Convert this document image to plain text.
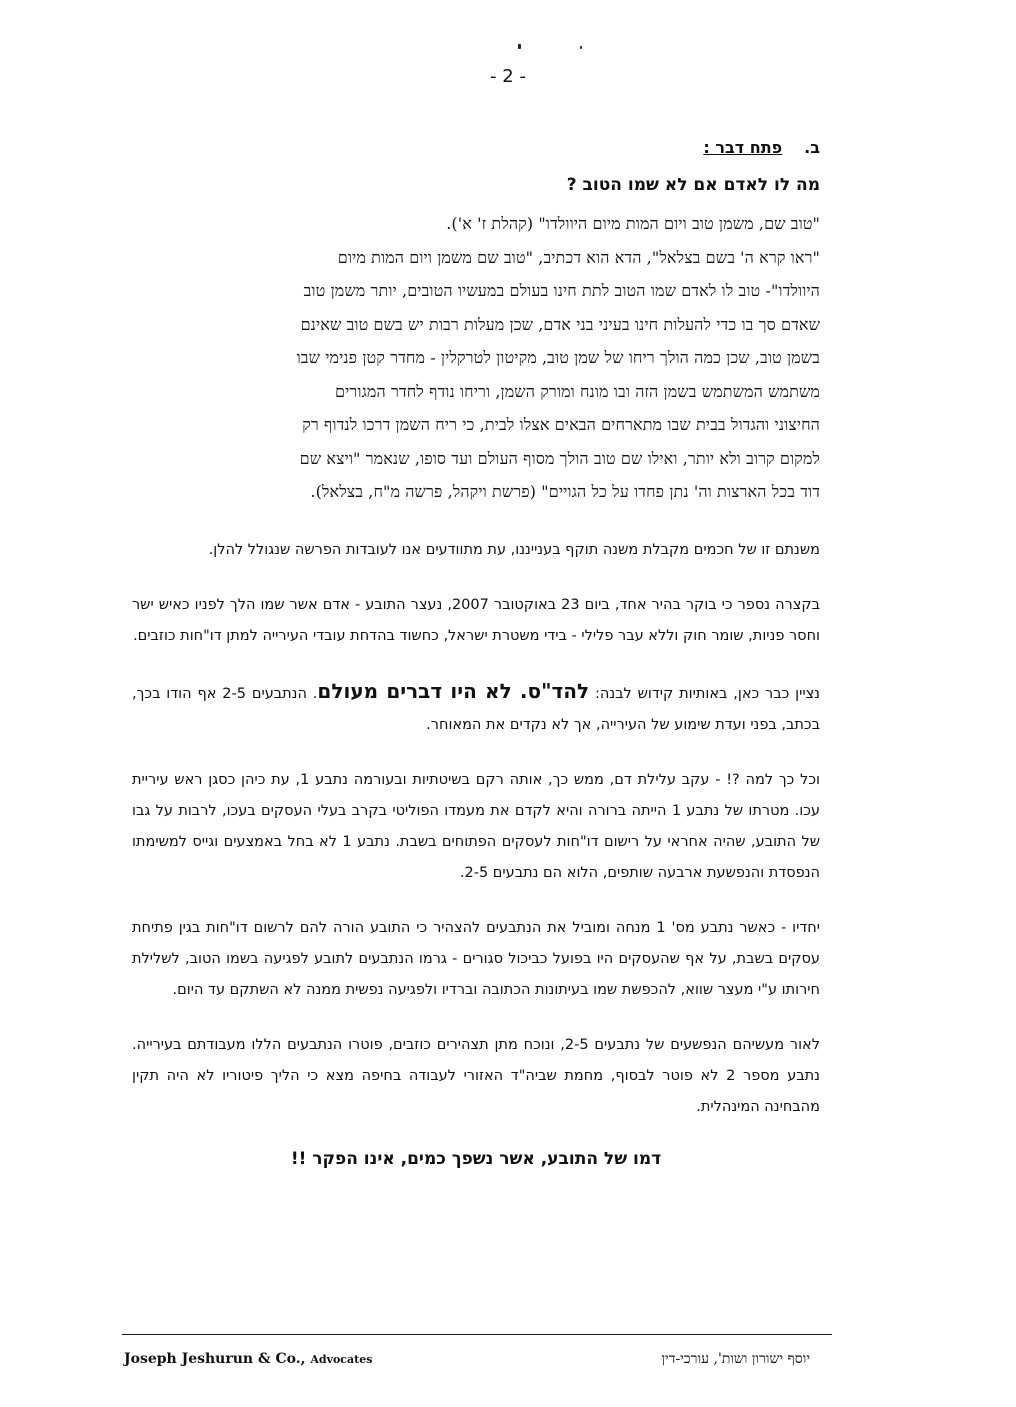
- 2 -
ב.פתח דבר :
מה לו לאדם אם לא שמו הטוב ?

"טוב שם, משמן טוב ויום המות מיום היוולדו" (קהלת ז' א').

"ראו קרא ה' בשם בצלאל", הדא הוא דכתיב, "טוב שם משמן ויום המות מיום

היוולדו"- טוב לו לאדם שמו הטוב לתת חינו בעולם במעשיו הטובים, יותר משמן טוב

שאדם סך בו כדי להעלות חינו בעיני בני אדם, שכן מעלות רבות יש בשם טוב שאינם

בשמן טוב, שכן כמה הולך ריחו של שמן טוב, מקיטון לטרקלין - מחדר קטן פנימי שבו

משתמש המשתמש בשמן הזה ובו מונח ומורק השמן, וריחו נודף לחדר המגורים

החיצוני והגדול בבית שבו מתארחים הבאים אצלו לבית, כי ריח השמן דרכו לנדוף רק

למקום קרוב ולא יותר, ואילו שם טוב הולך מסוף העולם ועד סופו, שנאמר "ויצא שם

דוד בכל הארצות וה' נתן פחדו על כל הגויים" (פרשת ויקהל, פרשה מ"ח, בצלאל).

משנתם זו של חכמים מקבלת משנה תוקף בענייננו, עת מתוודעים אנו לעובדות הפרשה שנגולל להלן.

בקצרה נספר כי בוקר בהיר אחד, ביום 23 באוקטובר 2007, נעצר התובע - אדם אשר שמו הלך לפניו כאיש ישר וחסר פניות, שומר חוק וללא עבר פלילי - בידי משטרת ישראל, כחשוד בהדחת עובדי העירייה למתן דו"חות כוזבים.

נציין כבר כאן, באותיות קידוש לבנה: להד"ס. לא היו דברים מעולם. הנתבעים 2-5 אף הודו בכך, בכתב, בפני ועדת שימוע של העירייה, אך לא נקדים את המאוחר.

וכל כך למה ?! - עקב עלילת דם, ממש כך, אותה רקם בשיטתיות ובעורמה נתבע 1, עת כיהן כסגן ראש עיריית עכו. מטרתו של נתבע 1 הייתה ברורה והיא לקדם את מעמדו הפוליטי בקרב בעלי העסקים בעכו, לרבות על גבו של התובע, שהיה אחראי על רישום דו"חות לעסקים הפתוחים בשבת. נתבע 1 לא בחל באמצעים וגייס למשימתו הנפסדת והנפשעת ארבעה שותפים, הלוא הם נתבעים 2-5.

יחדיו - כאשר נתבע מס' 1 מנחה ומוביל את הנתבעים להצהיר כי התובע הורה להם לרשום דו"חות בגין פתיחת עסקים בשבת, על אף שהעסקים היו בפועל כביכול סגורים - גרמו הנתבעים לתובע לפגיעה בשמו הטוב, לשלילת חירותו ע"י מעצר שווא, להכפשת שמו בעיתונות הכתובה וברדיו ולפגיעה נפשית ממנה לא השתקם עד היום.

לאור מעשיהם הנפשעים של נתבעים 2-5, ונוכח מתן תצהירים כוזבים, פוטרו הנתבעים הללו מעבודתם בעירייה. נתבע מספר 2 לא פוטר לבסוף, מחמת שביה"ד האזורי לעבודה בחיפה מצא כי הליך פיטוריו לא היה תקין מהבחינה המינהלית.

דמו של התובע, אשר נשפך כמים, אינו הפקר !!
Joseph Jeshurun & Co., Advocates	יוסף ישורון ושות', עורכי-דין
